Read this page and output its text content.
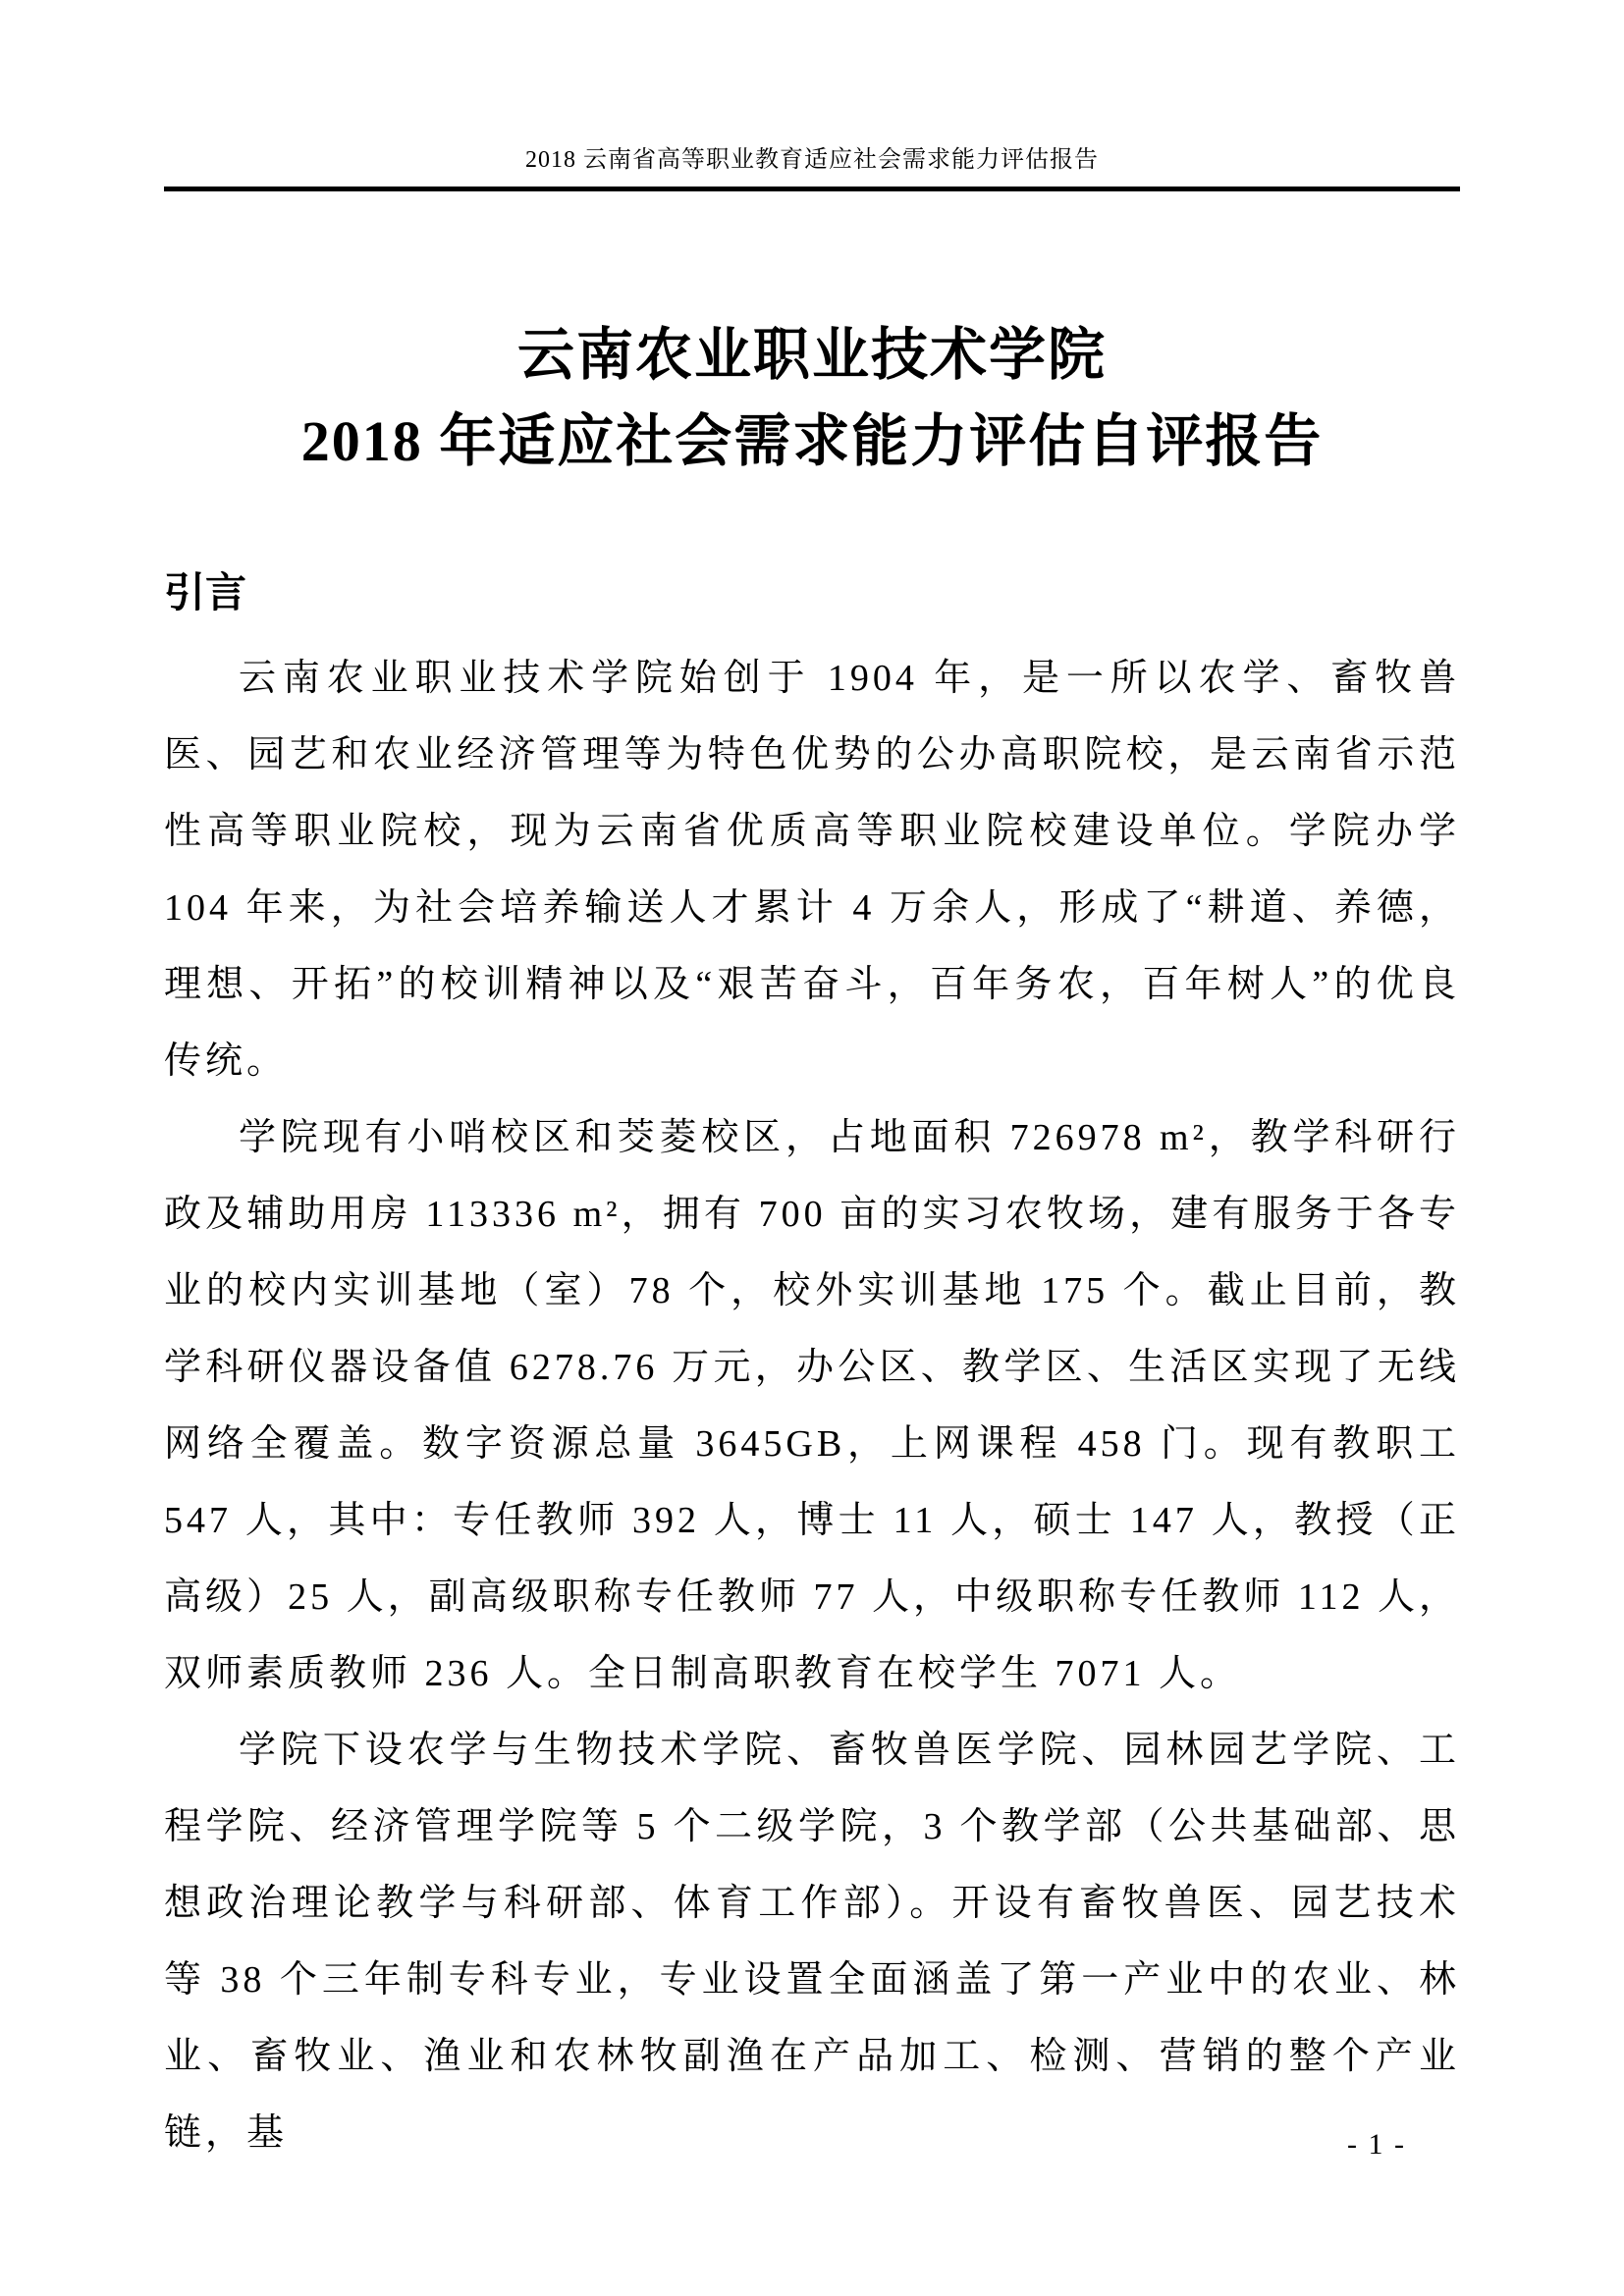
2018 云南省高等职业教育适应社会需求能力评估报告
云南农业职业技术学院
2018 年适应社会需求能力评估自评报告
引言

云南农业职业技术学院始创于 1904 年，是一所以农学、畜牧兽医、园艺和农业经济管理等为特色优势的公办高职院校，是云南省示范性高等职业院校，现为云南省优质高等职业院校建设单位。学院办学 104 年来，为社会培养输送人才累计 4 万余人，形成了“耕道、养德，理想、开拓”的校训精神以及“艰苦奋斗，百年务农，百年树人”的优良传统。

学院现有小哨校区和茭菱校区，占地面积 726978 m²，教学科研行政及辅助用房 113336 m²，拥有 700 亩的实习农牧场，建有服务于各专业的校内实训基地（室）78 个，校外实训基地 175 个。截止目前，教学科研仪器设备值 6278.76 万元，办公区、教学区、生活区实现了无线网络全覆盖。数字资源总量 3645GB，上网课程 458 门。现有教职工 547 人，其中：专任教师 392 人，博士 11 人，硕士 147 人，教授（正高级）25 人，副高级职称专任教师 77 人，中级职称专任教师 112 人，双师素质教师 236 人。全日制高职教育在校学生 7071 人。

学院下设农学与生物技术学院、畜牧兽医学院、园林园艺学院、工程学院、经济管理学院等 5 个二级学院，3 个教学部（公共基础部、思想政治理论教学与科研部、体育工作部）。开设有畜牧兽医、园艺技术等 38 个三年制专科专业，专业设置全面涵盖了第一产业中的农业、林业、畜牧业、渔业和农林牧副渔在产品加工、检测、营销的整个产业链，基	- 1 -
